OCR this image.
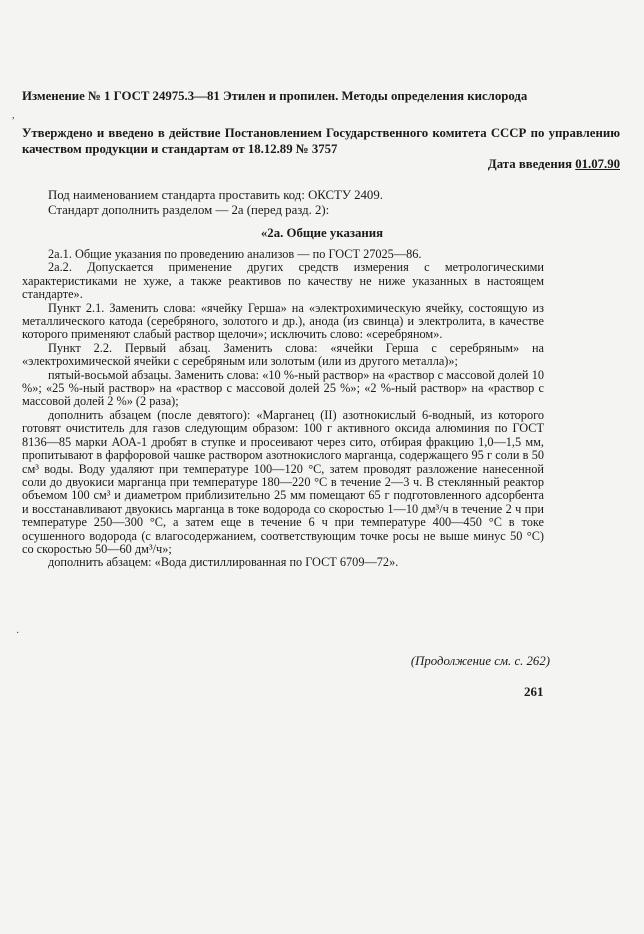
Изменение № 1 ГОСТ 24975.3—81 Этилен и пропилен. Методы определения кислорода
Утверждено и введено в действие Постановлением Государственного комитета СССР по управлению качеством продукции и стандартам от 18.12.89 № 3757
Дата введения 01.07.90
Под наименованием стандарта проставить код: ОКСТУ 2409.
Стандарт дополнить разделом — 2а (перед разд. 2):
«2а. Общие указания

2а.1. Общие указания по проведению анализов — по ГОСТ 27025—86.

2а.2. Допускается применение других средств измерения с метрологическими характеристиками не хуже, а также реактивов по качеству не ниже указанных в настоящем стандарте».

Пункт 2.1. Заменить слова: «ячейку Герша» на «электрохимическую ячейку, состоящую из металлического катода (серебряного, золотого и др.), анода (из свинца) и электролита, в качестве которого применяют слабый раствор щелочи»; исключить слово: «серебряном».

Пункт 2.2. Первый абзац. Заменить слова: «ячейки Герша с серебряным» на «электрохимической ячейки с серебряным или золотым (или из другого металла)»;

пятый-восьмой абзацы. Заменить слова: «10 %-ный раствор» на «раствор с массовой долей 10 %»; «25 %-ный раствор» на «раствор с массовой долей 25 %»; «2 %-ный раствор» на «раствор с массовой долей 2 %» (2 раза);

дополнить абзацем (после девятого): «Марганец (II) азотнокислый 6-водный, из которого готовят очиститель для газов следующим образом: 100 г активного оксида алюминия по ГОСТ 8136—85 марки АОА-1 дробят в ступке и просеивают через сито, отбирая фракцию 1,0—1,5 мм, пропитывают в фарфоровой чашке раствором азотнокислого марганца, содержащего 95 г соли в 50 см³ воды. Воду удаляют при температуре 100—120 °С, затем проводят разложение нанесенной соли до двуокиси марганца при температуре 180—220 °С в течение 2—3 ч. В стеклянный реактор объемом 100 см³ и диаметром приблизительно 25 мм помещают 65 г подготовленного адсорбента и восстанавливают двуокись марганца в токе водорода со скоростью 1—10 дм³/ч в течение 2 ч при температуре 250—300 °С, а затем еще в течение 6 ч при температуре 400—450 °С в токе осушенного водорода (с влагосодержанием, соответствующим точке росы не выше минус 50 °С) со скоростью 50—60 дм³/ч»;

дополнить абзацем: «Вода дистиллированная по ГОСТ 6709—72».

(Продолжение см. с. 262)
261
,
·
